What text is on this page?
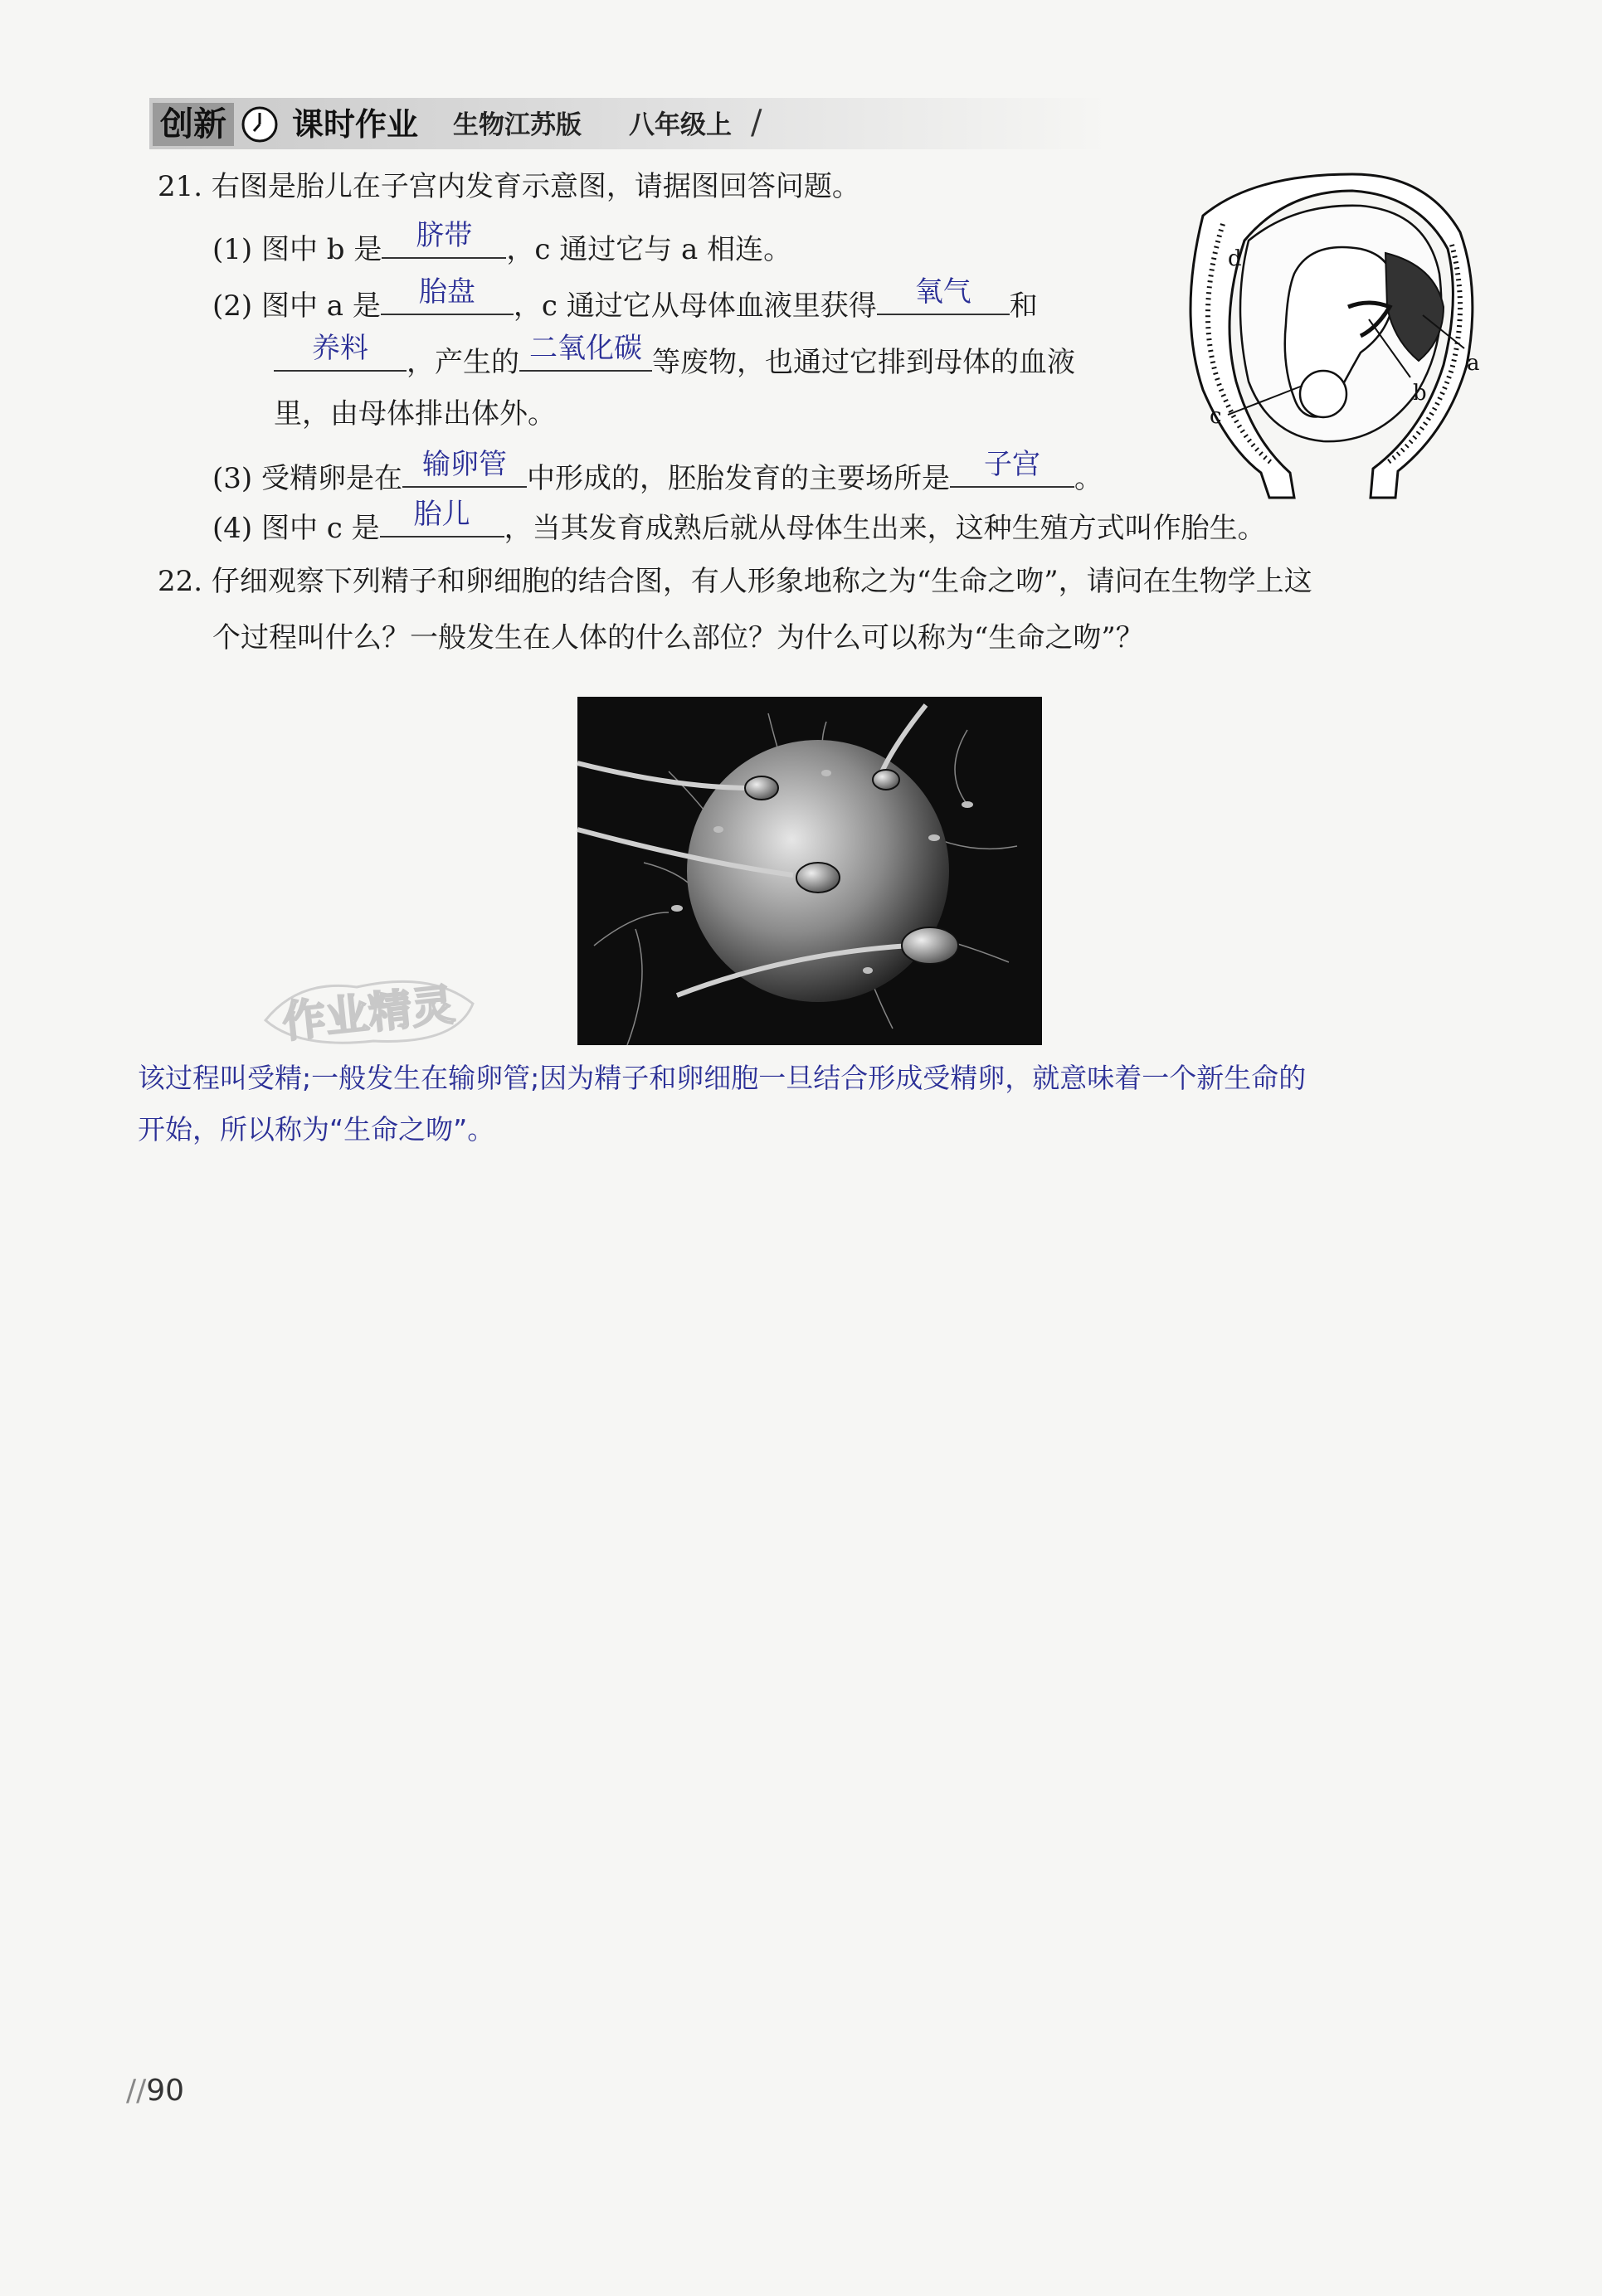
创新 课时作业 生物江苏版 八年级上 /
21. 右图是胎儿在子宫内发育示意图，请据图回答问题。
(1) 图中 b 是	脐带	，c 通过它与 a 相连。
(2) 图中 a 是	胎盘	，c 通过它从母体血液里获得	氧气	和
养料	，产生的 二氧化碳 等废物，也通过它排到母体的血液
里，由母体排出体外。
(3) 受精卵是在 输卵管 中形成的，胚胎发育的主要场所是	子宫	。
(4) 图中 c 是	胎儿	，当其发育成熟后就从母体生出来，这种生殖方式叫作胎生。
a
b
c
d
22. 仔细观察下列精子和卵细胞的结合图，有人形象地称之为“生命之吻”，请问在生物学上这
个过程叫什么？一般发生在人体的什么部位？为什么可以称为“生命之吻”？
作业精灵
该过程叫受精;一般发生在输卵管;因为精子和卵细胞一旦结合形成受精卵，就意味着一个新生命的
开始，所以称为“生命之吻”。
//90
